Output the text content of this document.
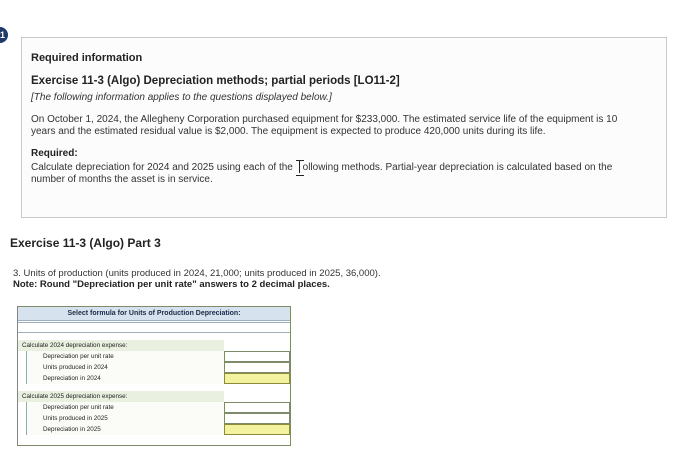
1
Required information
Exercise 11-3 (Algo) Depreciation methods; partial periods [LO11-2]
[The following information applies to the questions displayed below.]
On October 1, 2024, the Allegheny Corporation purchased equipment for $233,000. The estimated service life of the equipment is 10 years and the estimated residual value is $2,000. The equipment is expected to produce 420,000 units during its life.
Required:
Calculate depreciation for 2024 and 2025 using each of the ollowing methods. Partial-year depreciation is calculated based on the number of months the asset is in service.
Exercise 11-3 (Algo) Part 3
3. Units of production (units produced in 2024, 21,000; units produced in 2025, 36,000).
Note: Round "Depreciation per unit rate" answers to 2 decimal places.
Select formula for Units of Production Depreciation:
Calculate 2024 depreciation expense:
Depreciation per unit rate
Units produced in 2024
Depreciation in 2024
Calculate 2025 depreciation expense:
Depreciation per unit rate
Units produced in 2025
Depreciation in 2025
